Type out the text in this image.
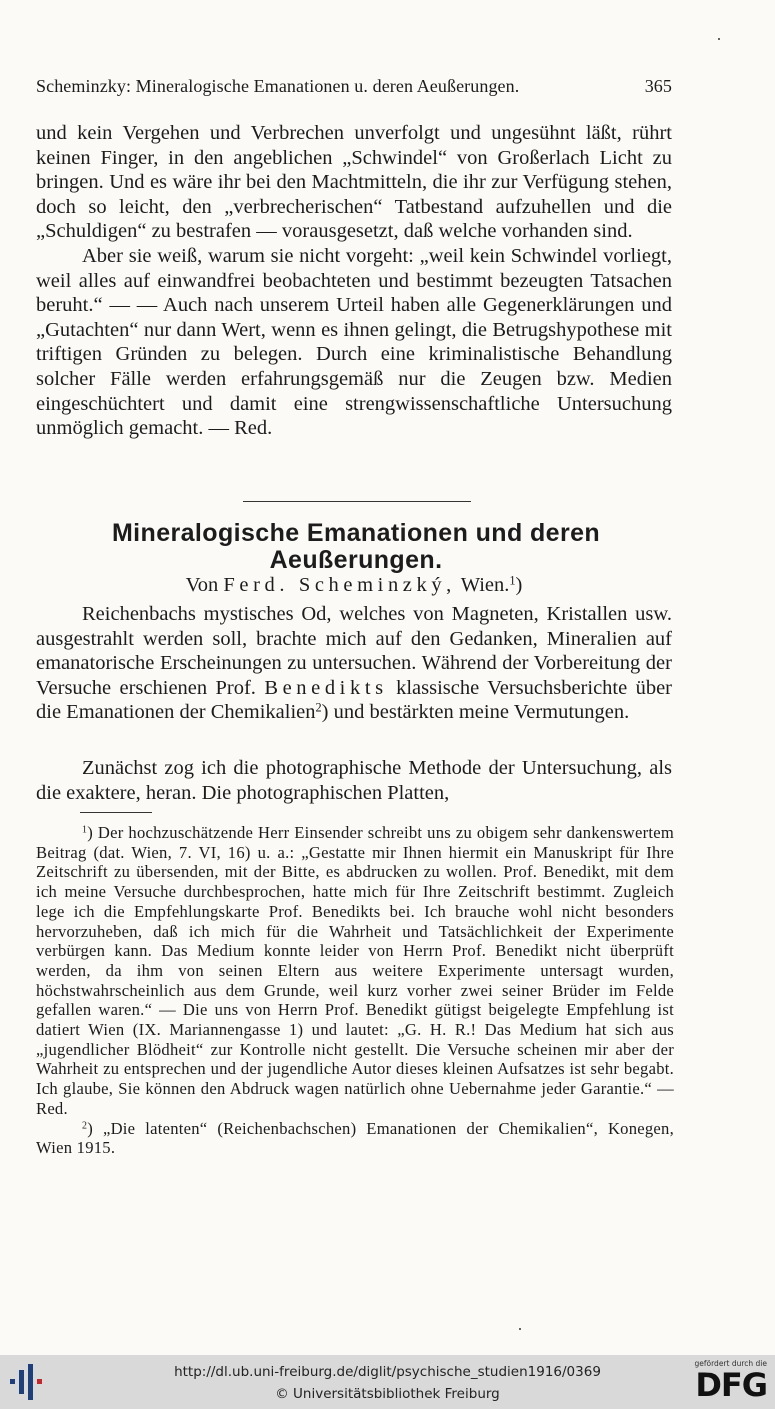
Scheminzky: Mineralogische Emanationen u. deren Aeußerungen.	365

und kein Vergehen und Verbrechen unverfolgt und ungesühnt läßt, rührt keinen Finger, in den angeblichen „Schwindel“ von Großerlach Licht zu bringen. Und es wäre ihr bei den Machtmitteln, die ihr zur Verfügung stehen, doch so leicht, den „verbrecherischen“ Tatbestand aufzuhellen und die „Schuldigen“ zu bestrafen — vorausgesetzt, daß welche vorhanden sind.

Aber sie weiß, warum sie nicht vorgeht: „weil kein Schwindel vorliegt, weil alles auf einwandfrei beobachteten und bestimmt bezeugten Tatsachen beruht.“ — — Auch nach unserem Urteil haben alle Gegenerklärungen und „Gutachten“ nur dann Wert, wenn es ihnen gelingt, die Betrugshypothese mit triftigen Gründen zu belegen. Durch eine kriminalistische Behandlung solcher Fälle werden erfahrungsgemäß nur die Zeugen bzw. Medien eingeschüchtert und damit eine strengwissenschaftliche Untersuchung unmöglich gemacht. — Red.

Mineralogische Emanationen und deren
Aeußerungen.
Von Ferd. Scheminzký, Wien.$^1$)

Reichenbachs mystisches Od, welches von Magneten, Kristallen usw. ausgestrahlt werden soll, brachte mich auf den Gedanken, Mineralien auf emanatorische Erscheinungen zu untersuchen. Während der Vorbereitung der Versuche erschienen Prof. Benedikts klassische Versuchsberichte über die Emanationen der Chemikalien$^2$) und bestärkten meine Vermutungen.

Zunächst zog ich die photographische Methode der Untersuchung, als die exaktere, heran. Die photographischen Platten,

$^1$) Der hochzuschätzende Herr Einsender schreibt uns zu obigem sehr dankenswertem Beitrag (dat. Wien, 7. VI, 16) u. a.: „Gestatte mir Ihnen hiermit ein Manuskript für Ihre Zeitschrift zu übersenden, mit der Bitte, es abdrucken zu wollen. Prof. Benedikt, mit dem ich meine Versuche durchbesprochen, hatte mich für Ihre Zeitschrift bestimmt. Zugleich lege ich die Empfehlungskarte Prof. Benedikts bei. Ich brauche wohl nicht besonders hervorzuheben, daß ich mich für die Wahrheit und Tatsächlichkeit der Experimente verbürgen kann. Das Medium konnte leider von Herrn Prof. Benedikt nicht überprüft werden, da ihm von seinen Eltern aus weitere Experimente untersagt wurden, höchstwahrscheinlich aus dem Grunde, weil kurz vorher zwei seiner Brüder im Felde gefallen waren.“ — Die uns von Herrn Prof. Benedikt gütigst beigelegte Empfehlung ist datiert Wien (IX. Mariannengasse 1) und lautet: „G. H. R.! Das Medium hat sich aus „jugendlicher Blödheit“ zur Kontrolle nicht gestellt. Die Versuche scheinen mir aber der Wahrheit zu entsprechen und der jugendliche Autor dieses kleinen Aufsatzes ist sehr begabt. Ich glaube, Sie können den Abdruck wagen natürlich ohne Uebernahme jeder Garantie.“ — Red.

$^2$) „Die latenten“ (Reichenbachschen) Emanationen der Chemikalien“, Konegen, Wien 1915.

http://dl.ub.uni-freiburg.de/diglit/psychische_studien1916/0369
© Universitätsbibliothek Freiburg
gefördert durch die
DFG
